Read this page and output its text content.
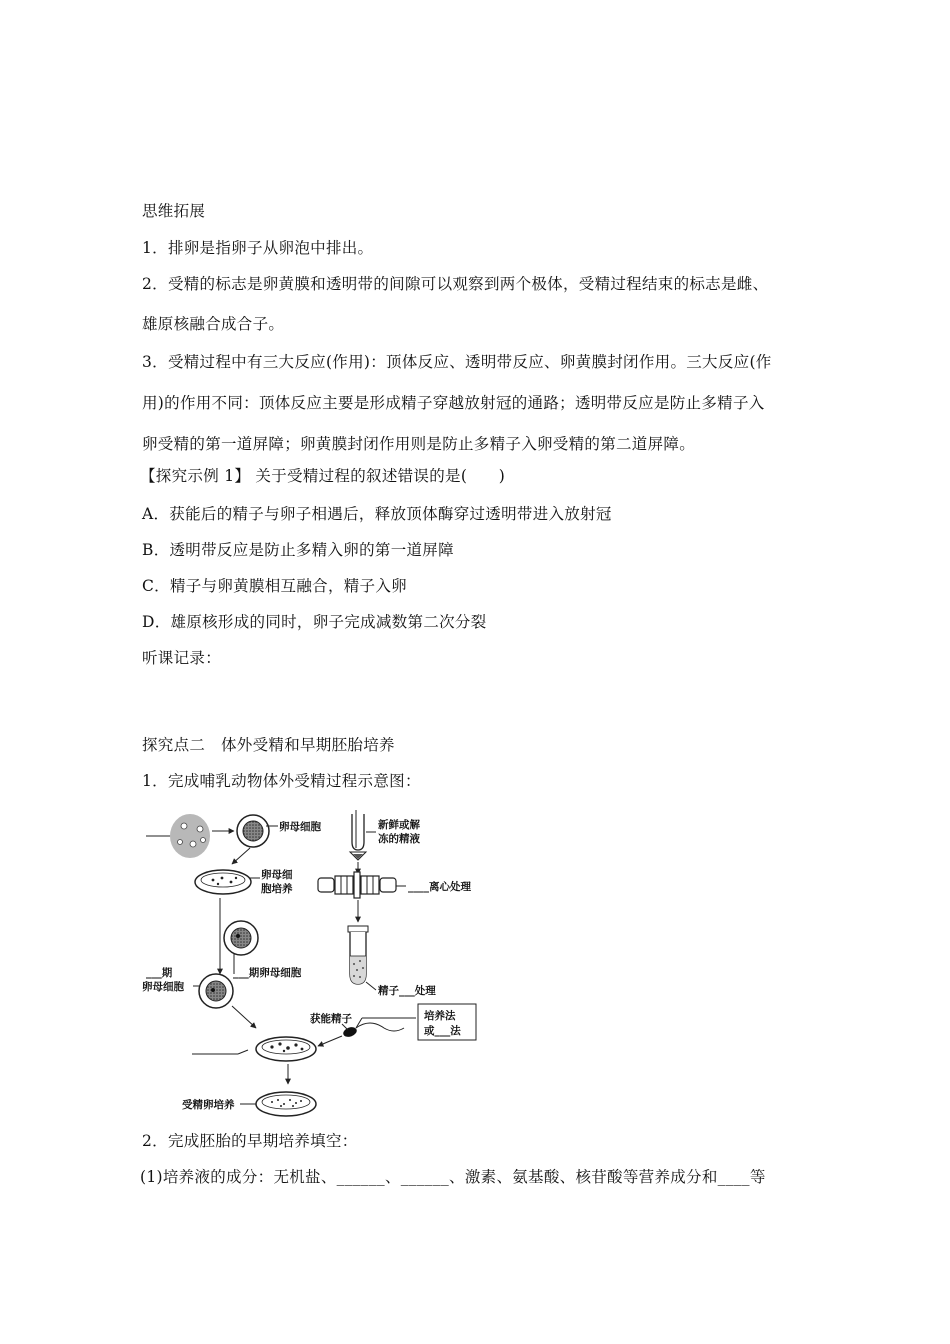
思维拓展
1．排卵是指卵子从卵泡中排出。
2．受精的标志是卵黄膜和透明带的间隙可以观察到两个极体，受精过程结束的标志是雌、
雄原核融合成合子。
3．受精过程中有三大反应(作用)：顶体反应、透明带反应、卵黄膜封闭作用。三大反应(作
用)的作用不同：顶体反应主要是形成精子穿越放射冠的通路；透明带反应是防止多精子入
卵受精的第一道屏障；卵黄膜封闭作用则是防止多精子入卵受精的第二道屏障。
【探究示例 1】 关于受精过程的叙述错误的是(　　)
A．获能后的精子与卵子相遇后，释放顶体酶穿过透明带进入放射冠
B．透明带反应是防止多精入卵的第一道屏障
C．精子与卵黄膜相互融合，精子入卵
D．雄原核形成的同时，卵子完成减数第二次分裂
听课记录：
探究点二　体外受精和早期胚胎培养
1．完成哺乳动物体外受精过程示意图：
卵母细胞
卵母细
胞培养
___期卵母细胞
___期
卵母细胞
受精卵培养
新鲜或解
冻的精液
____离心处理
精子___处理
获能精子	培养法
或___法
2．完成胚胎的早期培养填空：
(1)培养液的成分：无机盐、______、______、激素、氨基酸、核苷酸等营养成分和____等
